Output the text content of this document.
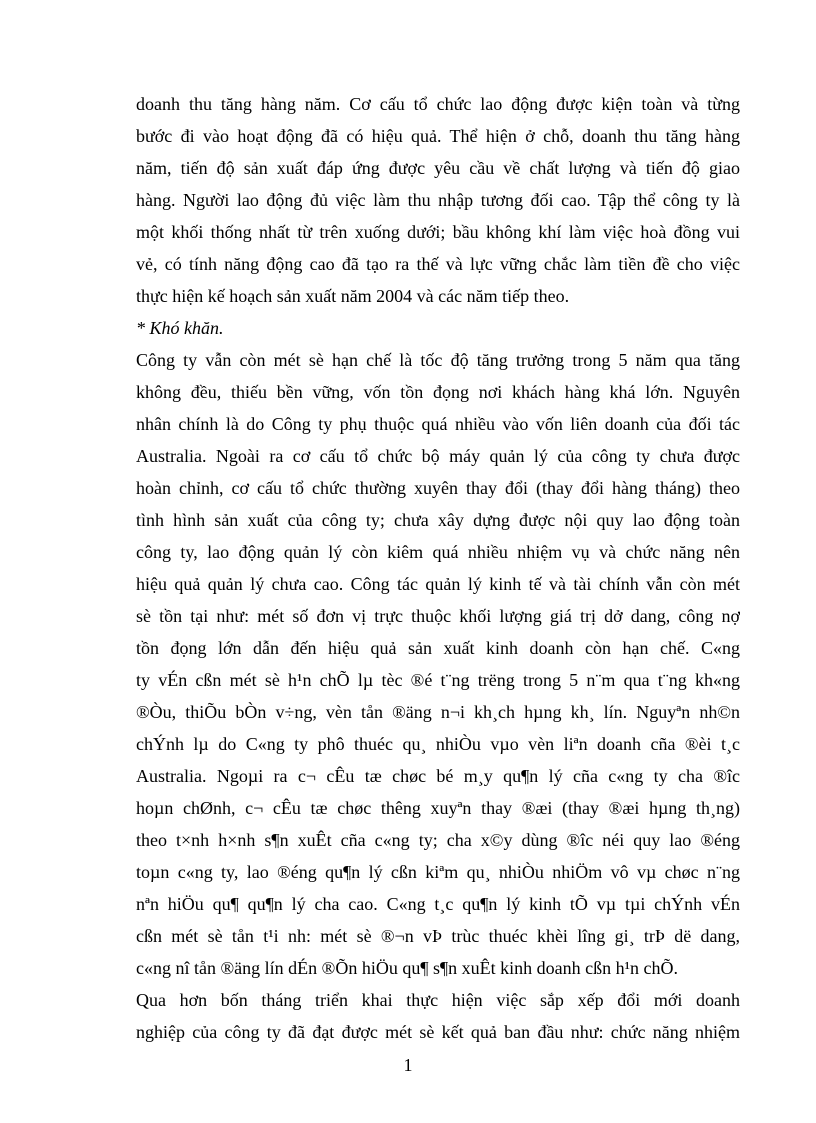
doanh thu tăng hàng năm. Cơ cấu tổ chức lao động được kiện toàn và từng
bước đi vào hoạt động đã có hiệu quả. Thể hiện ở chỗ, doanh thu tăng hàng
năm, tiến độ sản xuất đáp ứng được yêu cầu về chất lượng và tiến độ giao
hàng. Người lao động đủ việc làm thu nhập tương đối cao. Tập thể công ty là
một khối thống nhất từ trên xuống dưới; bầu không khí làm việc hoà đồng vui
vẻ, có tính năng động cao đã tạo ra thế và lực vững chắc làm tiền đề cho việc
thực hiện kế hoạch sản xuất năm 2004 và các năm tiếp theo.
* Khó khăn.
Công ty vẫn còn mét sè hạn chế là tốc độ tăng trưởng trong 5 năm qua tăng
không đều, thiếu bền vững, vốn tồn đọng nơi khách hàng khá lớn. Nguyên
nhân chính là do Công ty phụ thuộc quá nhiều vào vốn liên doanh của đối tác
Australia. Ngoài ra cơ cấu tổ chức bộ máy quản lý của công ty chưa được
hoàn chỉnh, cơ cấu tổ chức thường xuyên thay đổi (thay đổi hàng tháng) theo
tình hình sản xuất của công ty; chưa xây dựng được nội quy lao động toàn
công ty, lao động quản lý còn kiêm quá nhiều nhiệm vụ và chức năng nên
hiệu quả quản lý chưa cao. Công tác quản lý kinh tế và tài chính vẫn còn mét
sè tồn tại như: mét số đơn vị trực thuộc khối lượng giá trị dở dang, công nợ
tồn đọng lớn dẫn đến hiệu quả sản xuất kinh doanh còn hạn chế. C«ng
ty vÉn cßn mét sè h¹n chÕ lµ tèc ®é t¨ng trëng trong 5 n¨m qua t¨ng kh«ng
®Òu, thiÕu bÒn v÷ng, vèn tån ®äng n¬i kh¸ch hµng kh¸ lín. Nguyªn nh©n
chÝnh lµ do C«ng ty phô thuéc qu¸ nhiÒu vµo vèn liªn doanh cña ®èi t¸c
Australia. Ngoµi ra c¬ cÊu tæ chøc bé m¸y qu¶n lý cña c«ng ty cha ®îc
hoµn chØnh, c¬ cÊu tæ chøc thêng xuyªn thay ®æi (thay ®æi hµng th¸ng)
theo t×nh h×nh s¶n xuÊt cña c«ng ty; cha x©y dùng ®îc néi quy lao ®éng
toµn c«ng ty, lao ®éng qu¶n lý cßn kiªm qu¸ nhiÒu nhiÖm vô vµ chøc n¨ng
nªn hiÖu qu¶ qu¶n lý cha cao. C«ng t¸c qu¶n lý kinh tÕ vµ tµi chÝnh vÉn
cßn mét sè tån t¹i nh: mét sè ®¬n vÞ trùc thuéc khèi lîng gi¸ trÞ dë dang,
c«ng nî tån ®äng lín dÉn ®Õn hiÖu qu¶ s¶n xuÊt kinh doanh cßn h¹n chÕ.
Qua hơn bốn tháng triển khai thực hiện việc sắp xếp đổi mới doanh
nghiệp của công ty đã đạt được mét sè kết quả ban đầu như: chức năng nhiệm
1
